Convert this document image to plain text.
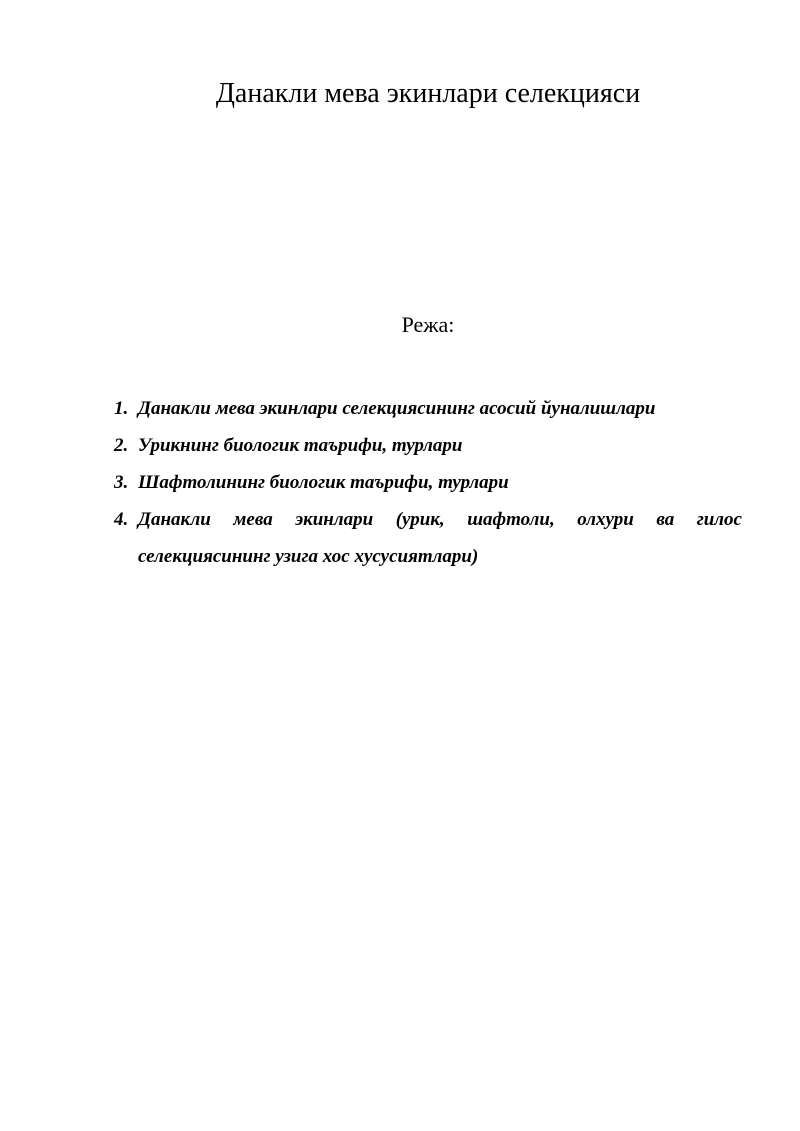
Данакли мева экинлари селекцияси

Режа:

1. Данакли мева экинлари селекциясининг асосий йуналишлари
2. Урикнинг биологик таърифи, турлари
3. Шафтолининг биологик таърифи, турлари
4. Данакли мева экинлари (урик, шафтоли, олхури ва гилос селекциясининг узига хос хусусиятлари)
